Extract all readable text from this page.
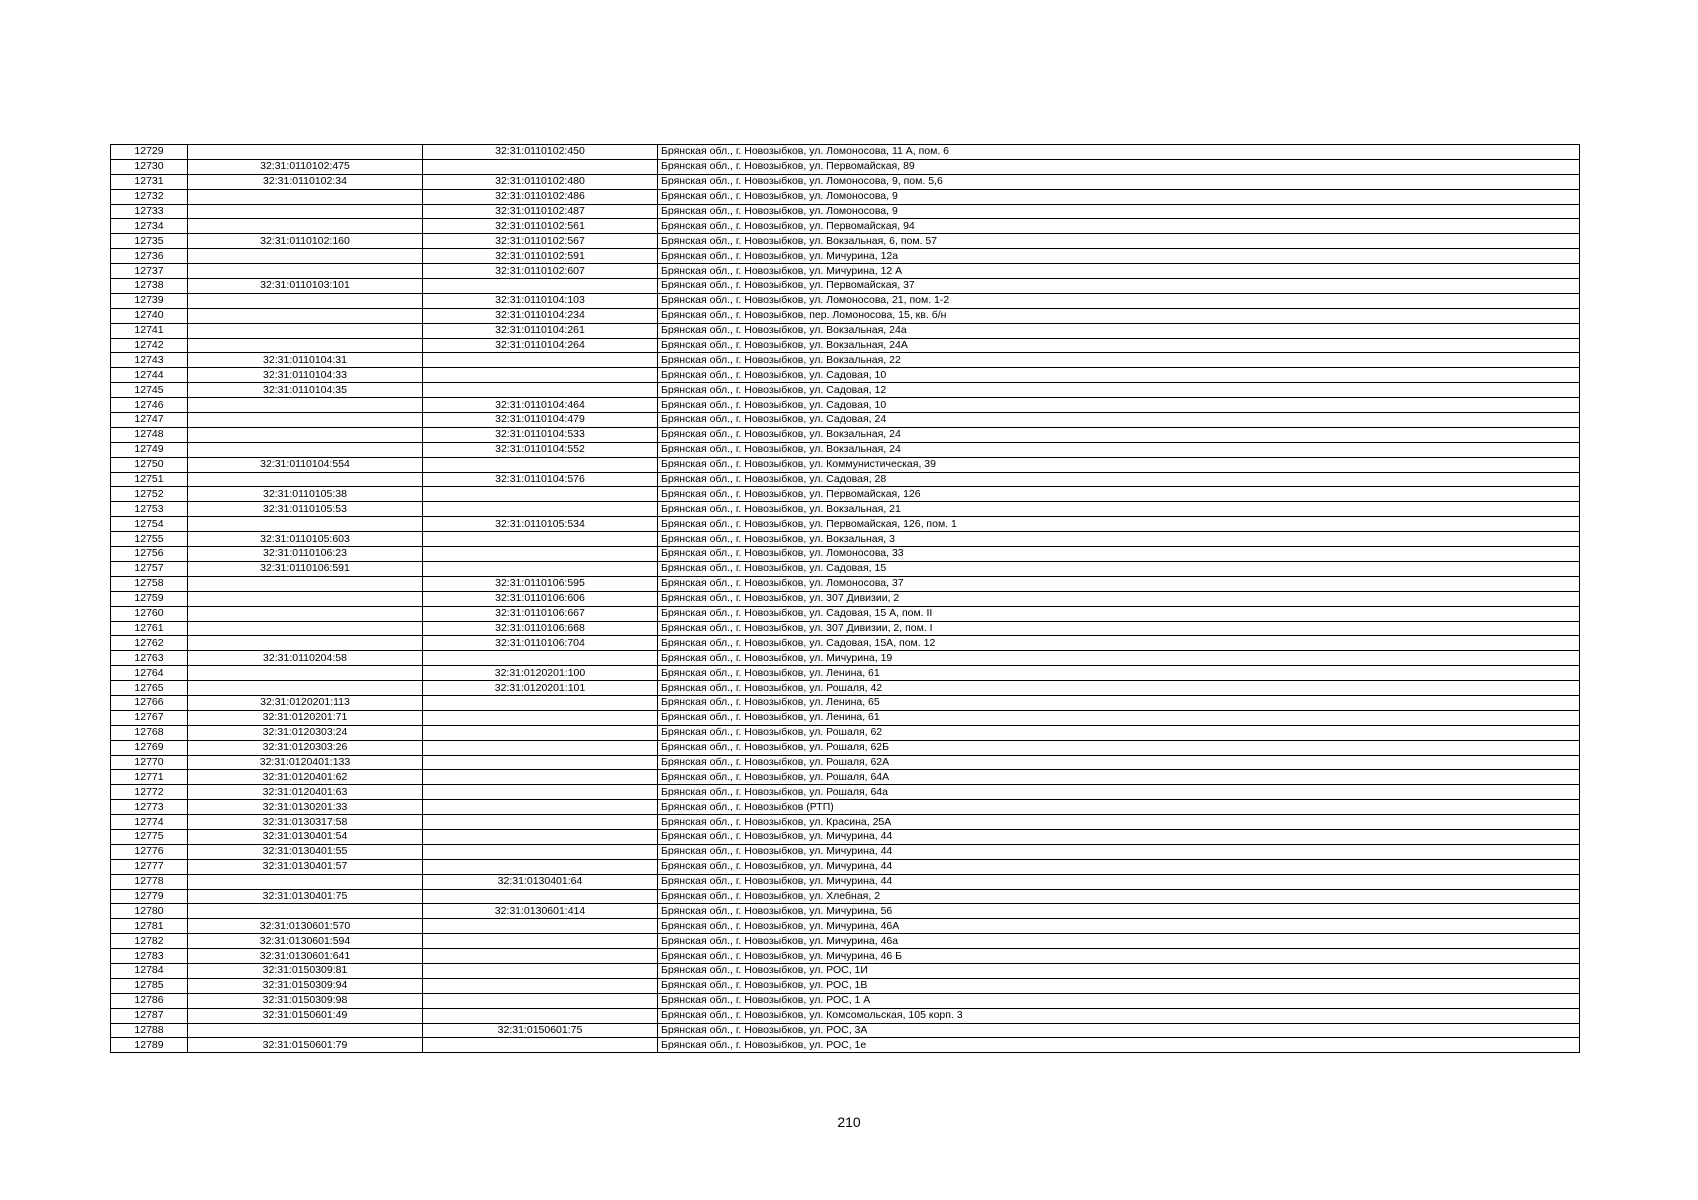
12729		32:31:0110102:450	Брянская обл., г. Новозыбков, ул. Ломоносова, 11 А, пом. 6
12730	32:31:0110102:475		Брянская обл., г. Новозыбков, ул. Первомайская, 89
12731	32:31:0110102:34	32:31:0110102:480	Брянская обл., г. Новозыбков, ул. Ломоносова, 9, пом. 5,6
12732		32:31:0110102:486	Брянская обл., г. Новозыбков, ул. Ломоносова, 9
12733		32:31:0110102:487	Брянская обл., г. Новозыбков, ул. Ломоносова, 9
12734		32:31:0110102:561	Брянская обл., г. Новозыбков, ул. Первомайская, 94
12735	32:31:0110102:160	32:31:0110102:567	Брянская обл., г. Новозыбков, ул. Вокзальная, 6, пом. 57
12736		32:31:0110102:591	Брянская обл., г. Новозыбков, ул. Мичурина, 12а
12737		32:31:0110102:607	Брянская обл., г. Новозыбков, ул. Мичурина, 12 А
12738	32:31:0110103:101		Брянская обл., г. Новозыбков, ул. Первомайская, 37
12739		32:31:0110104:103	Брянская обл., г. Новозыбков, ул. Ломоносова, 21, пом. 1-2
12740		32:31:0110104:234	Брянская обл., г. Новозыбков, пер. Ломоносова, 15, кв. б/н
12741		32:31:0110104:261	Брянская обл., г. Новозыбков, ул. Вокзальная, 24а
12742		32:31:0110104:264	Брянская обл., г. Новозыбков, ул. Вокзальная, 24А
12743	32:31:0110104:31		Брянская обл., г. Новозыбков, ул. Вокзальная, 22
12744	32:31:0110104:33		Брянская обл., г. Новозыбков, ул. Садовая, 10
12745	32:31:0110104:35		Брянская обл., г. Новозыбков, ул. Садовая, 12
12746		32:31:0110104:464	Брянская обл., г. Новозыбков, ул. Садовая, 10
12747		32:31:0110104:479	Брянская обл., г. Новозыбков, ул. Садовая, 24
12748		32:31:0110104:533	Брянская обл., г. Новозыбков, ул. Вокзальная, 24
12749		32:31:0110104:552	Брянская обл., г. Новозыбков, ул. Вокзальная, 24
12750	32:31:0110104:554		Брянская обл., г. Новозыбков, ул. Коммунистическая, 39
12751		32:31:0110104:576	Брянская обл., г. Новозыбков, ул. Садовая, 28
12752	32:31:0110105:38		Брянская обл., г. Новозыбков, ул. Первомайская, 126
12753	32:31:0110105:53		Брянская обл., г. Новозыбков, ул. Вокзальная, 21
12754		32:31:0110105:534	Брянская обл., г. Новозыбков, ул. Первомайская, 126, пом. 1
12755	32:31:0110105:603		Брянская обл., г. Новозыбков, ул. Вокзальная, 3
12756	32:31:0110106:23		Брянская обл., г. Новозыбков, ул. Ломоносова, 33
12757	32:31:0110106:591		Брянская обл., г. Новозыбков, ул. Садовая, 15
12758		32:31:0110106:595	Брянская обл., г. Новозыбков, ул. Ломоносова, 37
12759		32:31:0110106:606	Брянская обл., г. Новозыбков, ул. 307 Дивизии, 2
12760		32:31:0110106:667	Брянская обл., г. Новозыбков, ул. Садовая, 15 А, пом. II
12761		32:31:0110106:668	Брянская обл., г. Новозыбков, ул. 307 Дивизии, 2, пом. I
12762		32:31:0110106:704	Брянская обл., г. Новозыбков, ул. Садовая, 15А, пом. 12
12763	32:31:0110204:58		Брянская обл., г. Новозыбков, ул. Мичурина, 19
12764		32:31:0120201:100	Брянская обл., г. Новозыбков, ул. Ленина, 61
12765		32:31:0120201:101	Брянская обл., г. Новозыбков, ул. Рошаля, 42
12766	32:31:0120201:113		Брянская обл., г. Новозыбков, ул. Ленина, 65
12767	32:31:0120201:71		Брянская обл., г. Новозыбков, ул. Ленина, 61
12768	32:31:0120303:24		Брянская обл., г. Новозыбков, ул. Рошаля, 62
12769	32:31:0120303:26		Брянская обл., г. Новозыбков, ул. Рошаля, 62Б
12770	32:31:0120401:133		Брянская обл., г. Новозыбков, ул. Рошаля, 62А
12771	32:31:0120401:62		Брянская обл., г. Новозыбков, ул. Рошаля, 64А
12772	32:31:0120401:63		Брянская обл., г. Новозыбков, ул. Рошаля, 64а
12773	32:31:0130201:33		Брянская обл., г. Новозыбков (РТП)
12774	32:31:0130317:58		Брянская обл., г. Новозыбков, ул. Красина, 25А
12775	32:31:0130401:54		Брянская обл., г. Новозыбков, ул. Мичурина, 44
12776	32:31:0130401:55		Брянская обл., г. Новозыбков, ул. Мичурина, 44
12777	32:31:0130401:57		Брянская обл., г. Новозыбков, ул. Мичурина, 44
12778		32:31:0130401:64	Брянская обл., г. Новозыбков, ул. Мичурина, 44
12779	32:31:0130401:75		Брянская обл., г. Новозыбков, ул. Хлебная, 2
12780		32:31:0130601:414	Брянская обл., г. Новозыбков, ул. Мичурина, 56
12781	32:31:0130601:570		Брянская обл., г. Новозыбков, ул. Мичурина, 46А
12782	32:31:0130601:594		Брянская обл., г. Новозыбков, ул. Мичурина, 46а
12783	32:31:0130601:641		Брянская обл., г. Новозыбков, ул. Мичурина, 46 Б
12784	32:31:0150309:81		Брянская обл., г. Новозыбков, ул. РОС, 1И
12785	32:31:0150309:94		Брянская обл., г. Новозыбков, ул. РОС, 1В
12786	32:31:0150309:98		Брянская обл., г. Новозыбков, ул. РОС, 1 А
12787	32:31:0150601:49		Брянская обл., г. Новозыбков, ул. Комсомольская, 105 корп. 3
12788		32:31:0150601:75	Брянская обл., г. Новозыбков, ул. РОС, 3А
12789	32:31:0150601:79		Брянская обл., г. Новозыбков, ул. РОС, 1е
210
